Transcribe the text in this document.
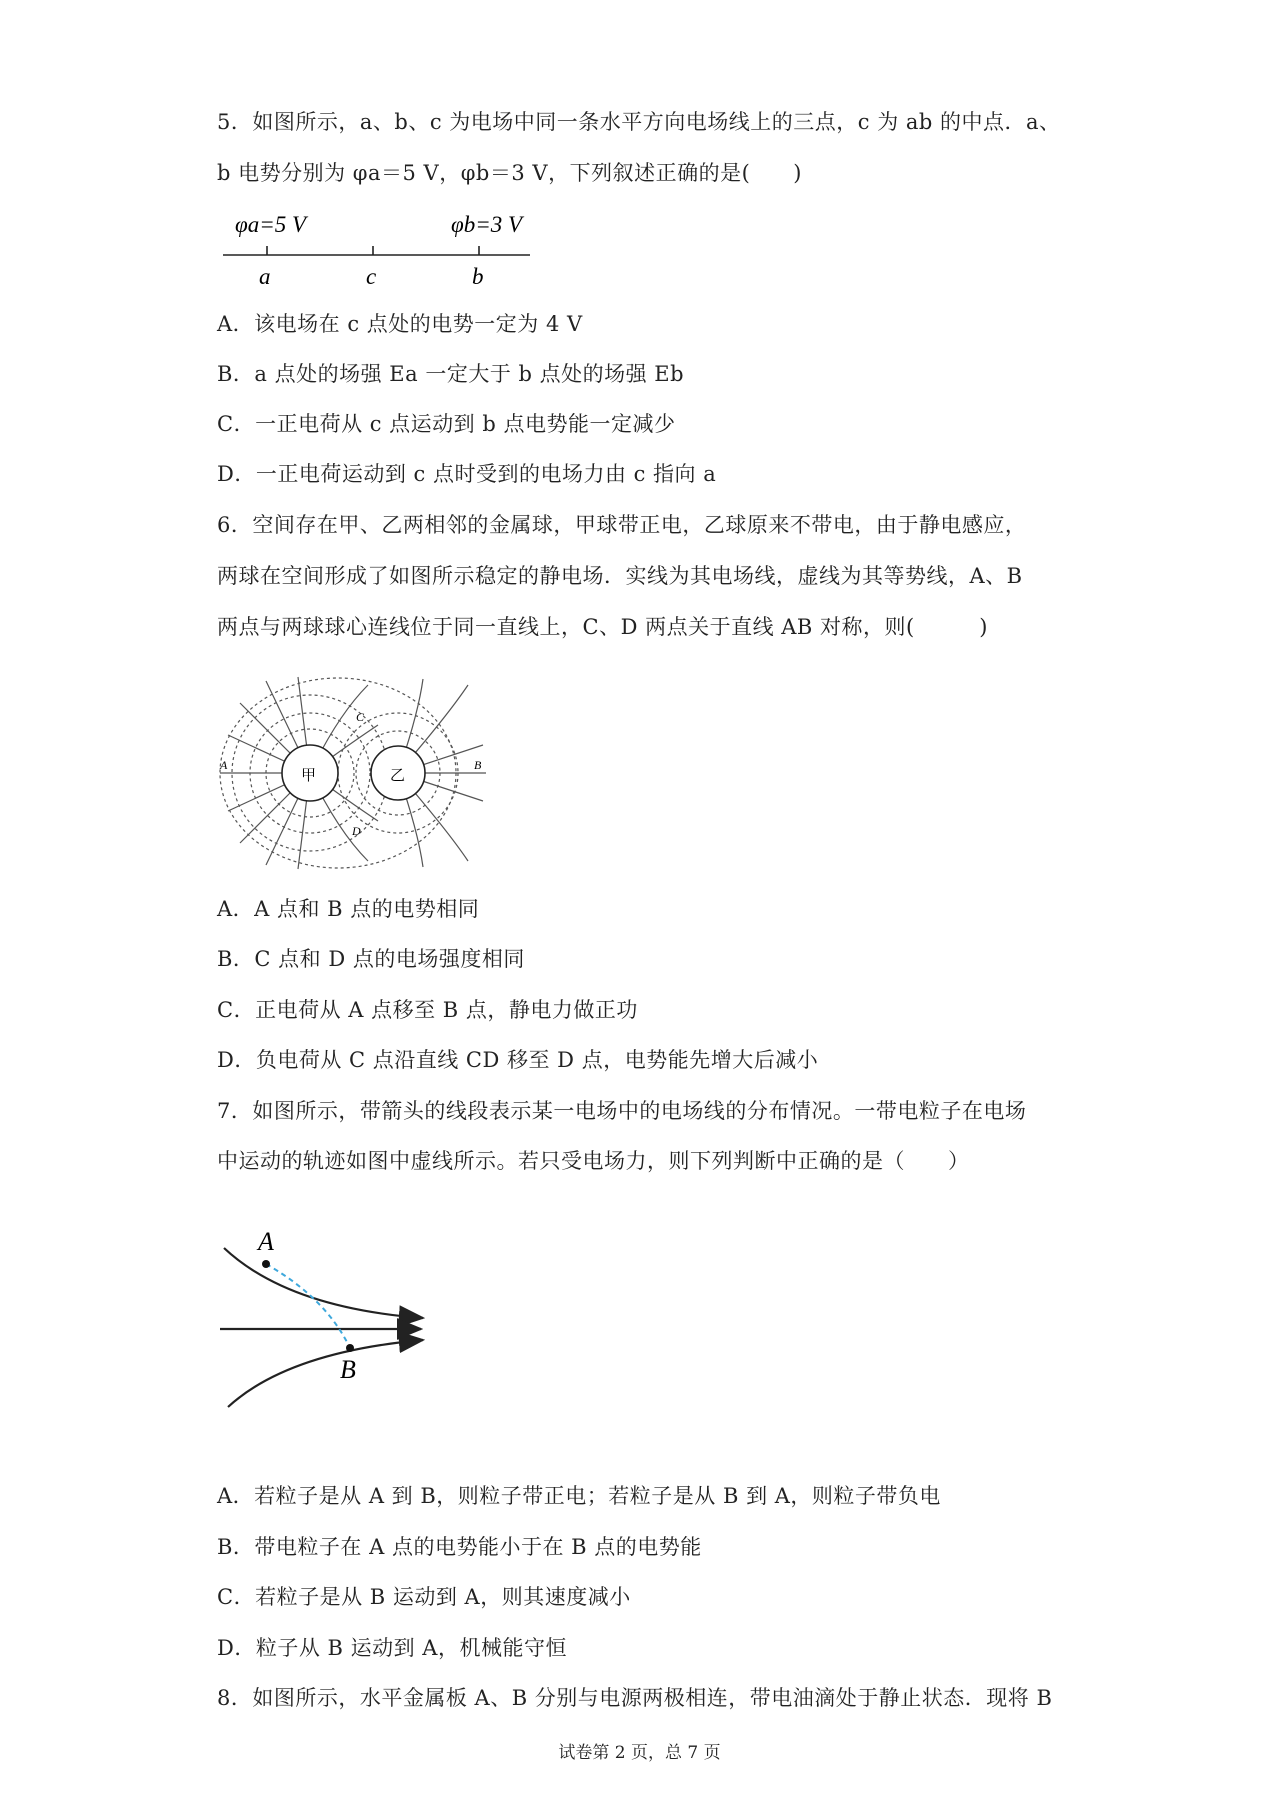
5．如图所示，a、b、c 为电场中同一条水平方向电场线上的三点，c 为 ab 的中点．a、
b 电势分别为 φa＝5 V，φb＝3 V，下列叙述正确的是(　　)
φa=5 V	φb=3 V
a	c	b
A．该电场在 c 点处的电势一定为 4 V
B．a 点处的场强 Ea 一定大于 b 点处的场强 Eb
C．一正电荷从 c 点运动到 b 点电势能一定减少
D．一正电荷运动到 c 点时受到的电场力由 c 指向 a
6．空间存在甲、乙两相邻的金属球，甲球带正电，乙球原来不带电，由于静电感应，
两球在空间形成了如图所示稳定的静电场．实线为其电场线，虚线为其等势线，A、B
两点与两球球心连线位于同一直线上，C、D 两点关于直线 AB 对称，则(　　　)
甲	乙
A	B
C
D
A．A 点和 B 点的电势相同
B．C 点和 D 点的电场强度相同
C．正电荷从 A 点移至 B 点，静电力做正功
D．负电荷从 C 点沿直线 CD 移至 D 点，电势能先增大后减小
7．如图所示，带箭头的线段表示某一电场中的电场线的分布情况。一带电粒子在电场
中运动的轨迹如图中虚线所示。若只受电场力，则下列判断中正确的是（　　）
A
B
A．若粒子是从 A 到 B，则粒子带正电；若粒子是从 B 到 A，则粒子带负电
B．带电粒子在 A 点的电势能小于在 B 点的电势能
C．若粒子是从 B 运动到 A，则其速度减小
D．粒子从 B 运动到 A，机械能守恒
8．如图所示，水平金属板 A、B 分别与电源两极相连，带电油滴处于静止状态．现将 B
试卷第 2 页，总 7 页
